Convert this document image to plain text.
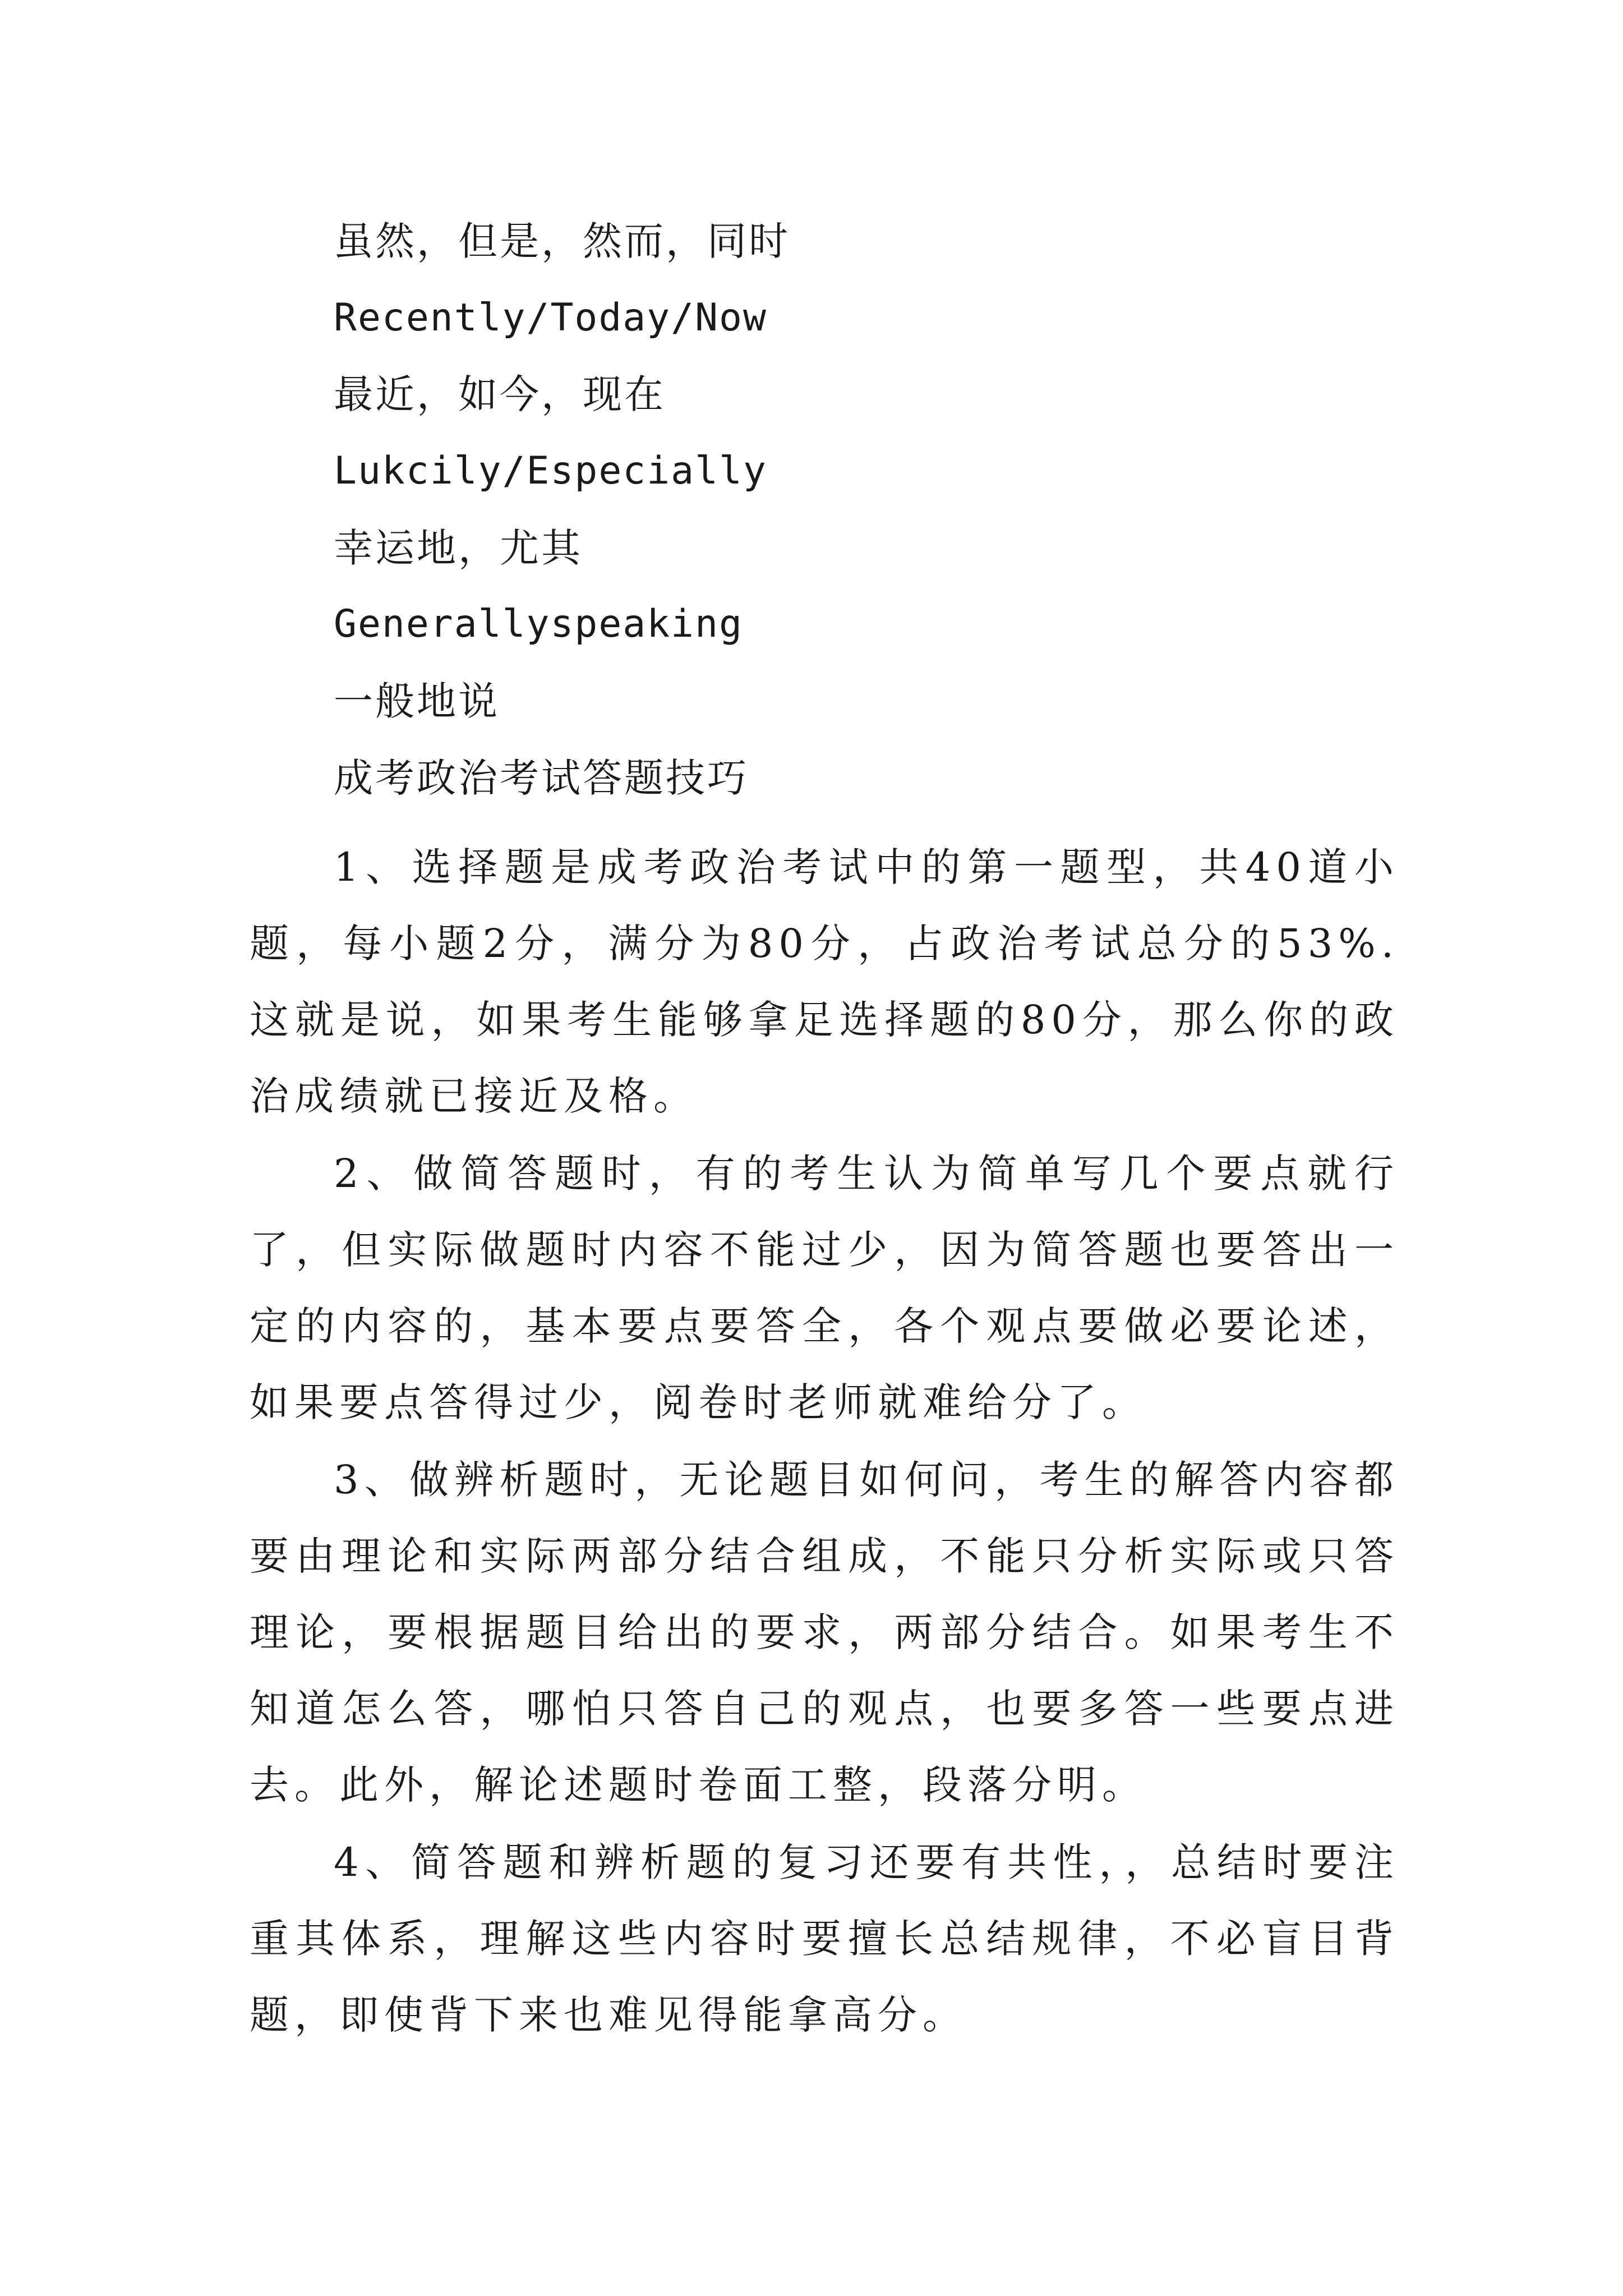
虽然，但是，然而，同时
Recently/Today/Now
最近，如今，现在
Lukcily/Especially
幸运地，尤其
Generallyspeaking
一般地说
成考政治考试答题技巧

1、选择题是成考政治考试中的第一题型，共40道小题，每小题2分，满分为80分，占政治考试总分的53%.这就是说，如果考生能够拿足选择题的80分，那么你的政治成绩就已接近及格。

2、做简答题时，有的考生认为简单写几个要点就行了，但实际做题时内容不能过少，因为简答题也要答出一定的内容的，基本要点要答全，各个观点要做必要论述，如果要点答得过少，阅卷时老师就难给分了。

3、做辨析题时，无论题目如何问，考生的解答内容都要由理论和实际两部分结合组成，不能只分析实际或只答理论，要根据题目给出的要求，两部分结合。如果考生不知道怎么答，哪怕只答自己的观点，也要多答一些要点进去。此外，解论述题时卷面工整，段落分明。

4、简答题和辨析题的复习还要有共性，，总结时要注重其体系，理解这些内容时要擅长总结规律，不必盲目背题，即使背下来也难见得能拿高分。
